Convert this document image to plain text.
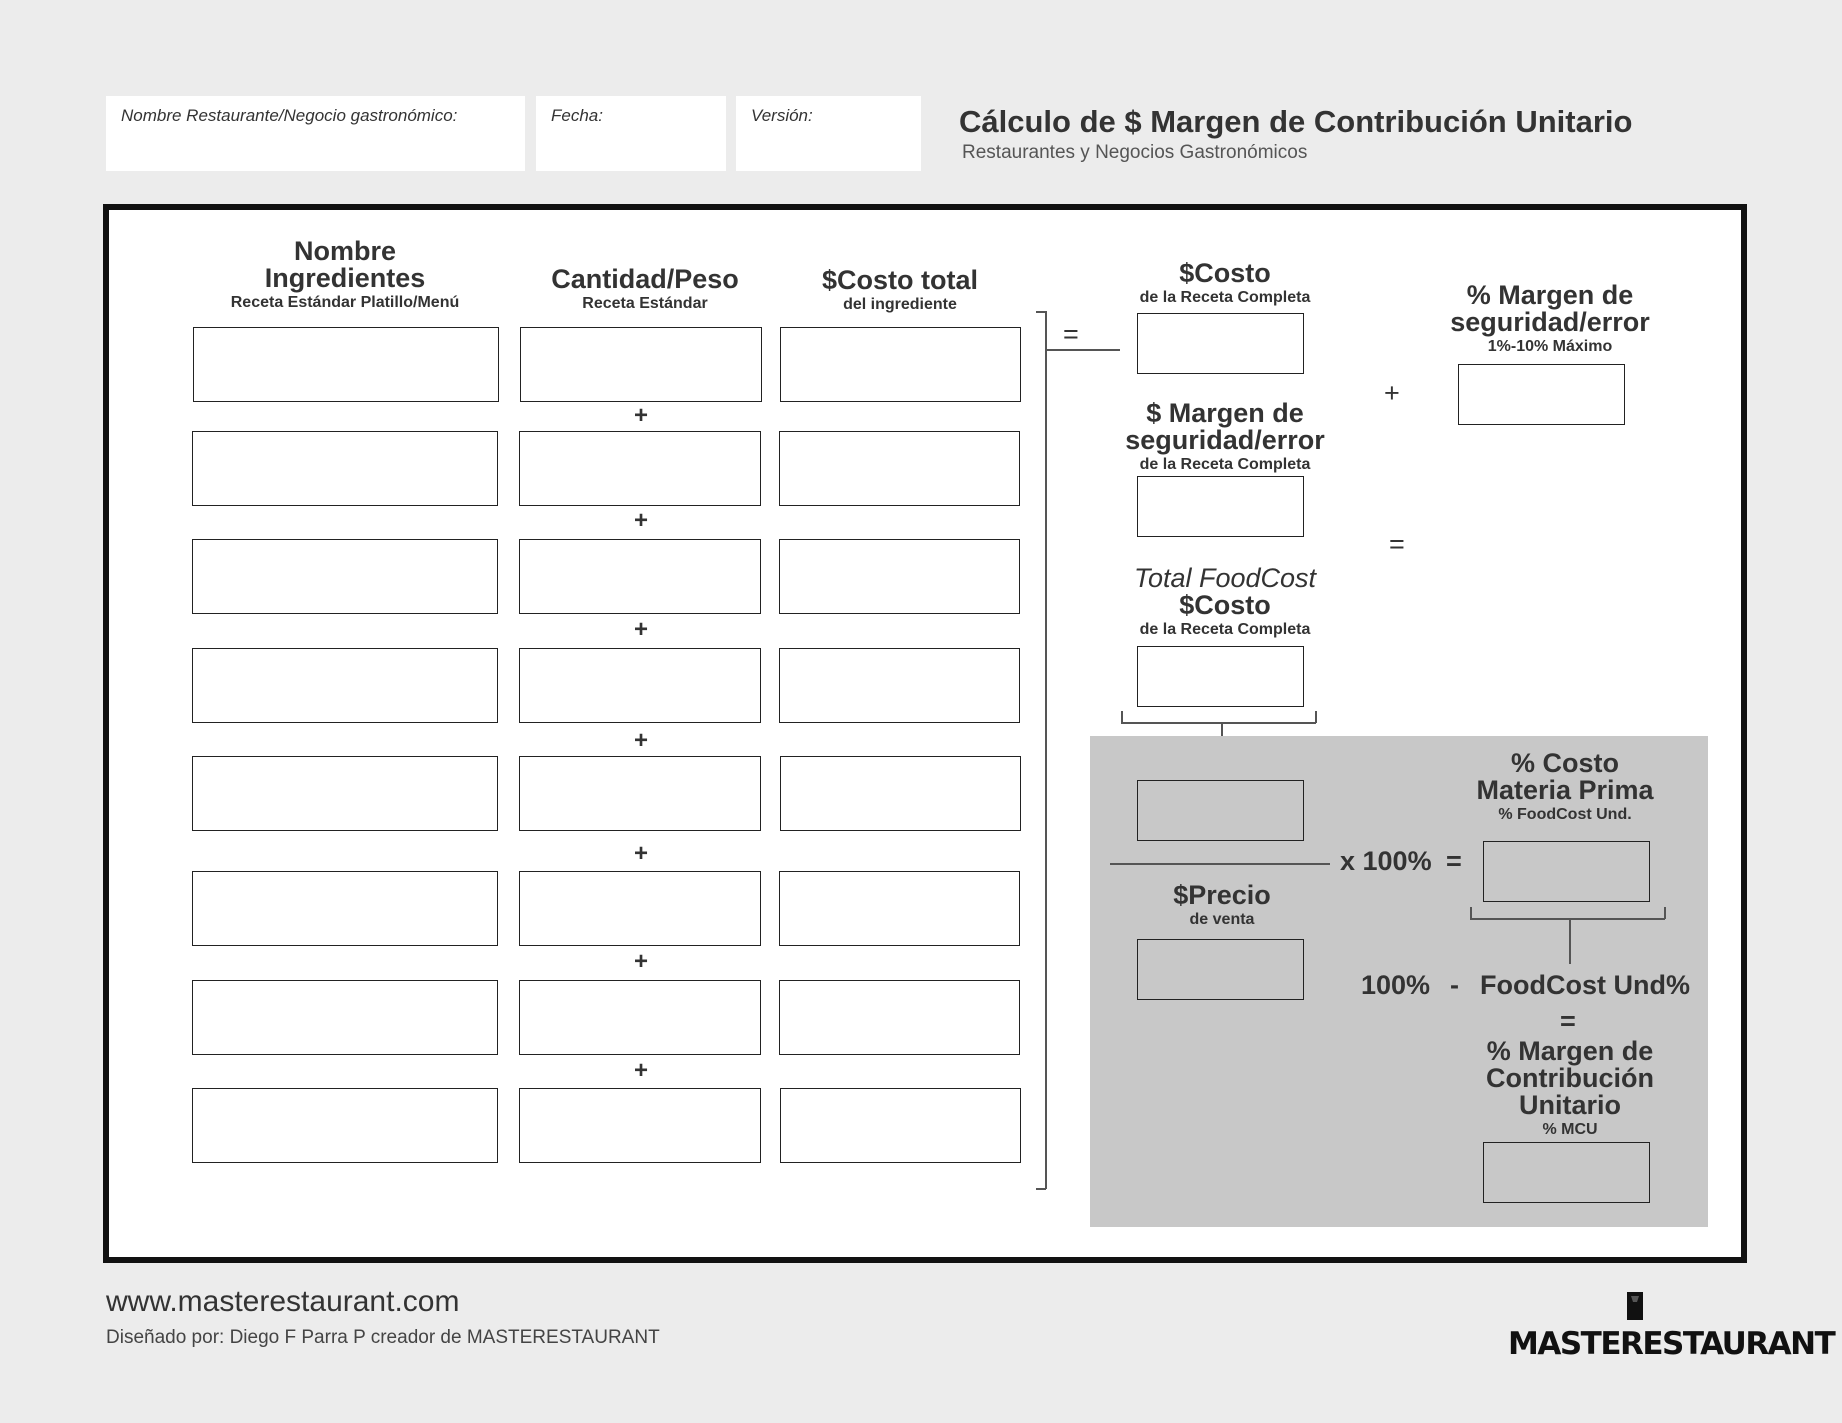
Nombre Restaurante/Negocio gastronómico:	Fecha:	Versión:	Cálculo de $ Margen de Contribución Unitario
Restaurantes y Negocios Gastronómicos
Nombre
Ingredientes
Receta Estándar Platillo/Menú
Cantidad/Peso
Receta Estándar
$Costo total
del ingrediente
+
+
+
+
+
+
+
=
$Costo
de la Receta Completa	% Margen de
seguridad/error
1%-10% Máximo
+
$ Margen de
seguridad/error
de la Receta Completa
=
Total FoodCost
$Costo
de la Receta Completa
x 100% =
$Precio
de venta
% Costo
Materia Prima
% FoodCost Und.
100% - FoodCost Und%
=
% Margen de
Contribución
Unitario
% MCU
www.masterestaurant.com
Diseñado por: Diego F Parra P creador de MASTERESTAURANT	MASTERESTAURANT
